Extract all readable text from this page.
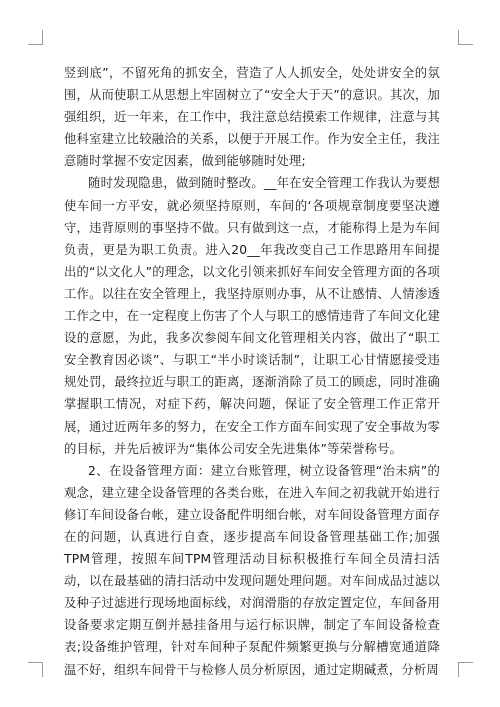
竖到底”，不留死角的抓安全，营造了人人抓安全，处处讲安全的氛围，从而使职工从思想上牢固树立了“安全大于天”的意识。其次，加强组织，近一年来，在工作中，我注意总结摸索工作规律，注意与其他科室建立比较融洽的关系，以便于开展工作。作为安全主任，我注意随时掌握不安定因素，做到能够随时处理;

随时发现隐患，做到随时整改。__年在安全管理工作我认为要想使车间一方平安，就必须坚持原则，车间的‘各项规章制度要坚决遵守，违背原则的事坚持不做。只有做到这一点，才能称得上是为车间负责，更是为职工负责。进入20__年我改变自己工作思路用车间提出的“以文化人”的理念，以文化引领来抓好车间安全管理方面的各项工作。以往在安全管理上，我坚持原则办事，从不让感情、人情渗透工作之中，在一定程度上伤害了个人与职工的感情违背了车间文化建设的意愿，为此，我多次参阅车间文化管理相关内容，做出了“职工安全教育因必谈”、与职工“半小时谈话制”，让职工心甘情愿接受违规处罚，最终拉近与职工的距离，逐渐消除了员工的顾虑，同时准确掌握职工情况，对症下药，解决问题，保证了安全管理工作正常开展，通过近两年多的努力，在安全工作方面车间实现了安全事故为零的目标，并先后被评为“集体公司安全先进集体”等荣誉称号。

2、在设备管理方面：建立台账管理，树立设备管理“治未病”的观念，建立建全设备管理的各类台账，在进入车间之初我就开始进行修订车间设备台帐，建立设备配件明细台帐，对车间设备管理方面存在的问题，认真进行自查，逐步提高车间设备管理基础工作;加强TPM管理，按照车间TPM管理活动目标积极推行车间全员清扫活动，以在最基础的清扫活动中发现问题处理问题。对车间成品过滤以及种子过滤进行现场地面标线，对润滑脂的存放定置定位，车间备用设备要求定期互倒并悬挂备用与运行标识牌，制定了车间设备检查表;设备维护管理，针对车间种子泵配件频繁更换与分解槽宽通道降温不好，组织车间骨干与检修人员分析原因，通过定期碱煮，分析周
